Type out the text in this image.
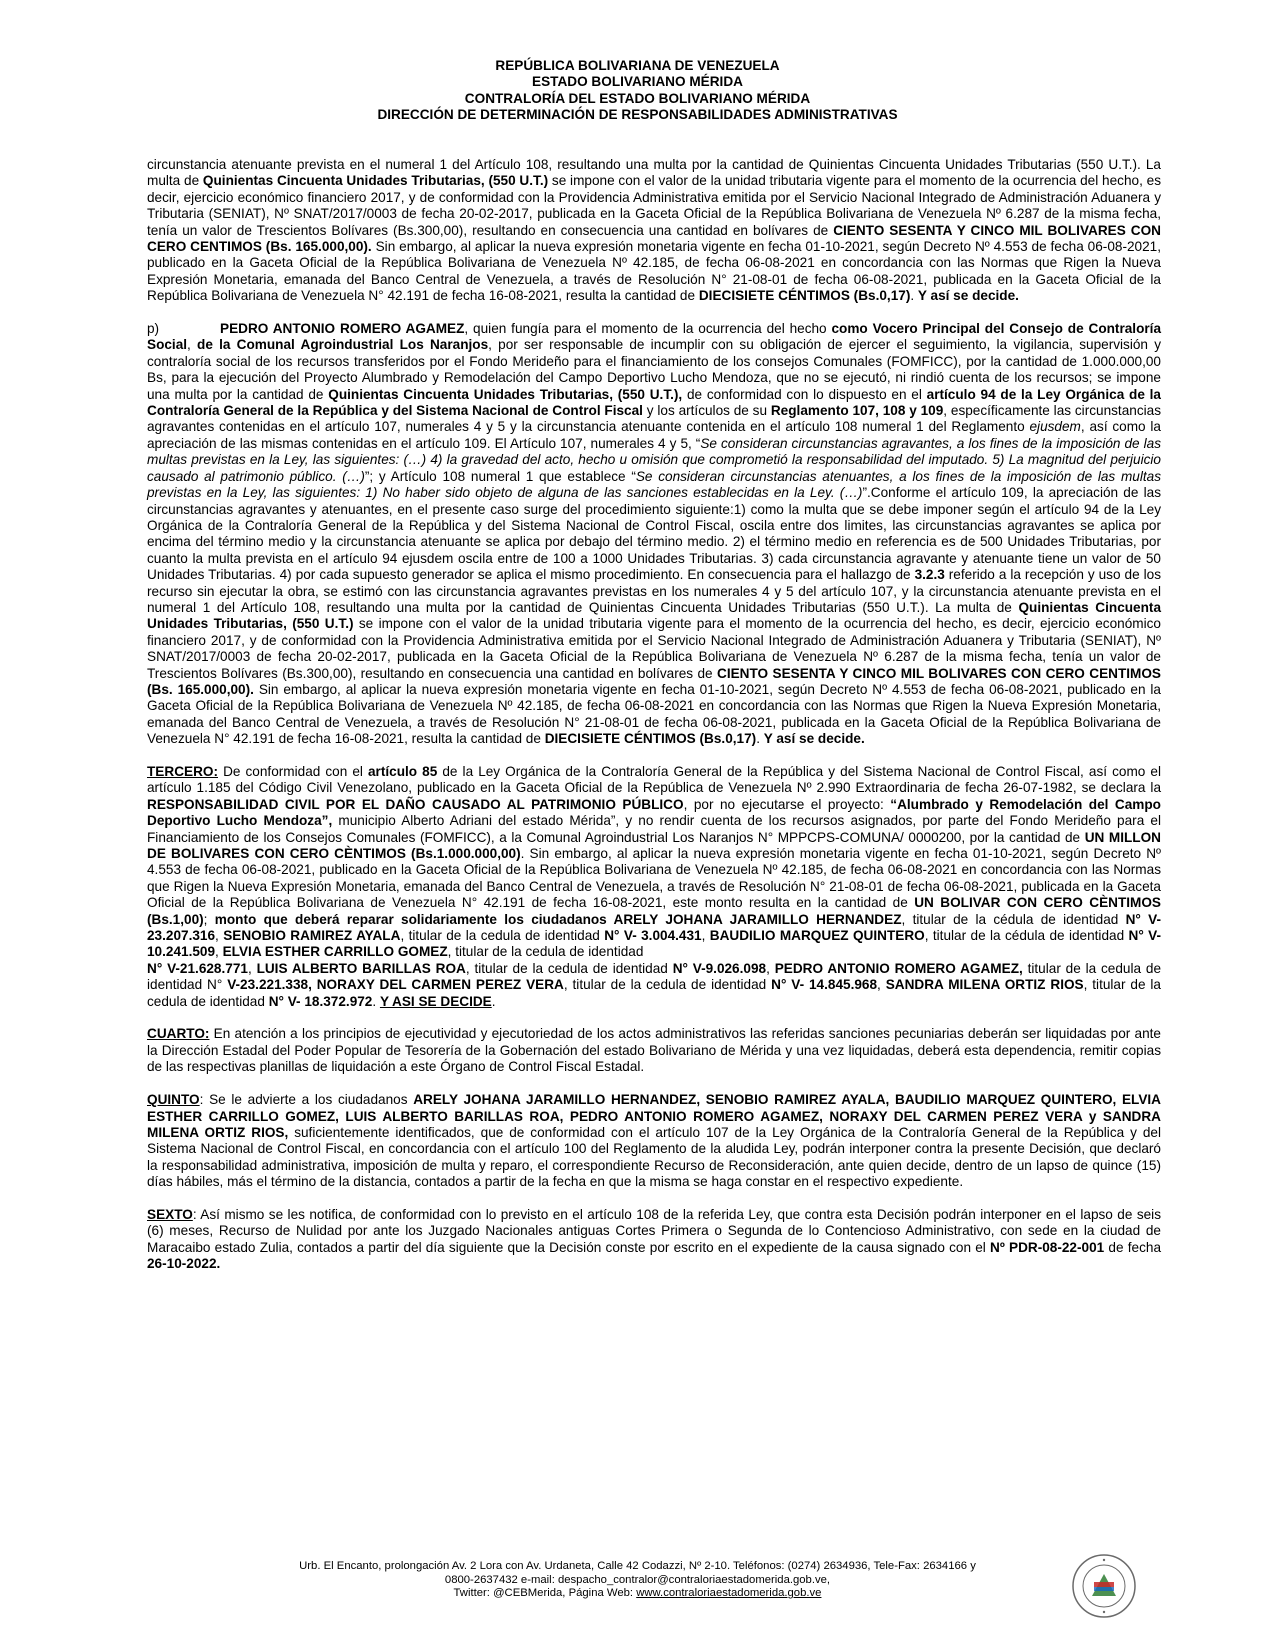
REPÚBLICA BOLIVARIANA DE VENEZUELA
ESTADO BOLIVARIANO MÉRIDA
CONTRALORÍA DEL ESTADO BOLIVARIANO MÉRIDA
DIRECCIÓN DE DETERMINACIÓN DE RESPONSABILIDADES ADMINISTRATIVAS

circunstancia atenuante prevista en el numeral 1 del Artículo 108, resultando una multa por la cantidad de Quinientas Cincuenta Unidades Tributarias (550 U.T.). La multa de Quinientas Cincuenta Unidades Tributarias, (550 U.T.) se impone con el valor de la unidad tributaria vigente para el momento de la ocurrencia del hecho, es decir, ejercicio económico financiero 2017, y de conformidad con la Providencia Administrativa emitida por el Servicio Nacional Integrado de Administración Aduanera y Tributaria (SENIAT), Nº SNAT/2017/0003 de fecha 20-02-2017, publicada en la Gaceta Oficial de la República Bolivariana de Venezuela Nº 6.287 de la misma fecha, tenía un valor de Trescientos Bolívares (Bs.300,00), resultando en consecuencia una cantidad en bolívares de CIENTO SESENTA Y CINCO MIL BOLIVARES CON CERO CENTIMOS (Bs. 165.000,00). Sin embargo, al aplicar la nueva expresión monetaria vigente en fecha 01-10-2021, según Decreto Nº 4.553 de fecha 06-08-2021, publicado en la Gaceta Oficial de la República Bolivariana de Venezuela Nº 42.185, de fecha 06-08-2021 en concordancia con las Normas que Rigen la Nueva Expresión Monetaria, emanada del Banco Central de Venezuela, a través de Resolución N° 21-08-01 de fecha 06-08-2021, publicada en la Gaceta Oficial de la República Bolivariana de Venezuela N° 42.191 de fecha 16-08-2021, resulta la cantidad de DIECISIETE CÉNTIMOS (Bs.0,17). Y así se decide.

p)	PEDRO ANTONIO ROMERO AGAMEZ, quien fungía para el momento de la ocurrencia del hecho como Vocero Principal del Consejo de Contraloría Social, de la Comunal Agroindustrial Los Naranjos, por ser responsable de incumplir con su obligación de ejercer el seguimiento, la vigilancia, supervisión y contraloría social de los recursos transferidos por el Fondo Merideño para el financiamiento de los consejos Comunales (FOMFICC), por la cantidad de 1.000.000,00 Bs, para la ejecución del Proyecto Alumbrado y Remodelación del Campo Deportivo Lucho Mendoza, que no se ejecutó, ni rindió cuenta de los recursos; se impone una multa por la cantidad de Quinientas Cincuenta Unidades Tributarias, (550 U.T.), de conformidad con lo dispuesto en el artículo 94 de la Ley Orgánica de la Contraloría General de la República y del Sistema Nacional de Control Fiscal y los artículos de su Reglamento 107, 108 y 109, específicamente las circunstancias agravantes contenidas en el artículo 107, numerales 4 y 5 y la circunstancia atenuante contenida en el artículo 108 numeral 1 del Reglamento ejusdem, así como la apreciación de las mismas contenidas en el artículo 109. El Artículo 107, numerales 4 y 5, “Se consideran circunstancias agravantes, a los fines de la imposición de las multas previstas en la Ley, las siguientes: (…) 4) la gravedad del acto, hecho u omisión que comprometió la responsabilidad del imputado. 5) La magnitud del perjuicio causado al patrimonio público. (…)”; y Artículo 108 numeral 1 que establece “Se consideran circunstancias atenuantes, a los fines de la imposición de las multas previstas en la Ley, las siguientes: 1) No haber sido objeto de alguna de las sanciones establecidas en la Ley. (…)”.Conforme el artículo 109, la apreciación de las circunstancias agravantes y atenuantes, en el presente caso surge del procedimiento siguiente:1) como la multa que se debe imponer según el artículo 94 de la Ley Orgánica de la Contraloría General de la República y del Sistema Nacional de Control Fiscal, oscila entre dos limites, las circunstancias agravantes se aplica por encima del término medio y la circunstancia atenuante se aplica por debajo del término medio. 2) el término medio en referencia es de 500 Unidades Tributarias, por cuanto la multa prevista en el artículo 94 ejusdem oscila entre de 100 a 1000 Unidades Tributarias. 3) cada circunstancia agravante y atenuante tiene un valor de 50 Unidades Tributarias. 4) por cada supuesto generador se aplica el mismo procedimiento. En consecuencia para el hallazgo de 3.2.3 referido a la recepción y uso de los recurso sin ejecutar la obra, se estimó con las circunstancia agravantes previstas en los numerales 4 y 5 del artículo 107, y la circunstancia atenuante prevista en el numeral 1 del Artículo 108, resultando una multa por la cantidad de Quinientas Cincuenta Unidades Tributarias (550 U.T.). La multa de Quinientas Cincuenta Unidades Tributarias, (550 U.T.) se impone con el valor de la unidad tributaria vigente para el momento de la ocurrencia del hecho, es decir, ejercicio económico financiero 2017, y de conformidad con la Providencia Administrativa emitida por el Servicio Nacional Integrado de Administración Aduanera y Tributaria (SENIAT), Nº SNAT/2017/0003 de fecha 20-02-2017, publicada en la Gaceta Oficial de la República Bolivariana de Venezuela Nº 6.287 de la misma fecha, tenía un valor de Trescientos Bolívares (Bs.300,00), resultando en consecuencia una cantidad en bolívares de CIENTO SESENTA Y CINCO MIL BOLIVARES CON CERO CENTIMOS (Bs. 165.000,00). Sin embargo, al aplicar la nueva expresión monetaria vigente en fecha 01-10-2021, según Decreto Nº 4.553 de fecha 06-08-2021, publicado en la Gaceta Oficial de la República Bolivariana de Venezuela Nº 42.185, de fecha 06-08-2021 en concordancia con las Normas que Rigen la Nueva Expresión Monetaria, emanada del Banco Central de Venezuela, a través de Resolución N° 21-08-01 de fecha 06-08-2021, publicada en la Gaceta Oficial de la República Bolivariana de Venezuela N° 42.191 de fecha 16-08-2021, resulta la cantidad de DIECISIETE CÉNTIMOS (Bs.0,17). Y así se decide.

TERCERO: De conformidad con el artículo 85 de la Ley Orgánica de la Contraloría General de la República y del Sistema Nacional de Control Fiscal, así como el artículo 1.185 del Código Civil Venezolano, publicado en la Gaceta Oficial de la República de Venezuela Nº 2.990 Extraordinaria de fecha 26-07-1982, se declara la RESPONSABILIDAD CIVIL POR EL DAÑO CAUSADO AL PATRIMONIO PÚBLICO, por no ejecutarse el proyecto: “Alumbrado y Remodelación del Campo Deportivo Lucho Mendoza”, municipio Alberto Adriani del estado Mérida”, y no rendir cuenta de los recursos asignados, por parte del Fondo Merideño para el Financiamiento de los Consejos Comunales (FOMFICC), a la Comunal Agroindustrial Los Naranjos N° MPPCPS-COMUNA/ 0000200, por la cantidad de UN MILLON DE BOLIVARES CON CERO CÈNTIMOS (Bs.1.000.000,00). Sin embargo, al aplicar la nueva expresión monetaria vigente en fecha 01-10-2021, según Decreto Nº 4.553 de fecha 06-08-2021, publicado en la Gaceta Oficial de la República Bolivariana de Venezuela Nº 42.185, de fecha 06-08-2021 en concordancia con las Normas que Rigen la Nueva Expresión Monetaria, emanada del Banco Central de Venezuela, a través de Resolución N° 21-08-01 de fecha 06-08-2021, publicada en la Gaceta Oficial de la República Bolivariana de Venezuela N° 42.191 de fecha 16-08-2021, este monto resulta en la cantidad de UN BOLIVAR CON CERO CÈNTIMOS (Bs.1,00); monto que deberá reparar solidariamente los ciudadanos ARELY JOHANA JARAMILLO HERNANDEZ, titular de la cédula de identidad N° V-23.207.316, SENOBIO RAMIREZ AYALA, titular de la cedula de identidad N° V- 3.004.431, BAUDILIO MARQUEZ QUINTERO, titular de la cédula de identidad N° V-10.241.509, ELVIA ESTHER CARRILLO GOMEZ, titular de la cedula de identidad
N° V-21.628.771, LUIS ALBERTO BARILLAS ROA, titular de la cedula de identidad N° V-9.026.098, PEDRO ANTONIO ROMERO AGAMEZ, titular de la cedula de identidad N° V-23.221.338, NORAXY DEL CARMEN PEREZ VERA, titular de la cedula de identidad N° V- 14.845.968, SANDRA MILENA ORTIZ RIOS, titular de la cedula de identidad N° V- 18.372.972. Y ASI SE DECIDE.

CUARTO: En atención a los principios de ejecutividad y ejecutoriedad de los actos administrativos las referidas sanciones pecuniarias deberán ser liquidadas por ante la Dirección Estadal del Poder Popular de Tesorería de la Gobernación del estado Bolivariano de Mérida y una vez liquidadas, deberá esta dependencia, remitir copias de las respectivas planillas de liquidación a este Órgano de Control Fiscal Estadal.

QUINTO: Se le advierte a los ciudadanos ARELY JOHANA JARAMILLO HERNANDEZ, SENOBIO RAMIREZ AYALA, BAUDILIO MARQUEZ QUINTERO, ELVIA ESTHER CARRILLO GOMEZ, LUIS ALBERTO BARILLAS ROA, PEDRO ANTONIO ROMERO AGAMEZ, NORAXY DEL CARMEN PEREZ VERA y SANDRA MILENA ORTIZ RIOS, suficientemente identificados, que de conformidad con el artículo 107 de la Ley Orgánica de la Contraloría General de la República y del Sistema Nacional de Control Fiscal, en concordancia con el artículo 100 del Reglamento de la aludida Ley, podrán interponer contra la presente Decisión, que declaró la responsabilidad administrativa, imposición de multa y reparo, el correspondiente Recurso de Reconsideración, ante quien decide, dentro de un lapso de quince (15) días hábiles, más el término de la distancia, contados a partir de la fecha en que la misma se haga constar en el respectivo expediente.

SEXTO: Así mismo se les notifica, de conformidad con lo previsto en el artículo 108 de la referida Ley, que contra esta Decisión podrán interponer en el lapso de seis (6) meses, Recurso de Nulidad por ante los Juzgado Nacionales antiguas Cortes Primera o Segunda de lo Contencioso Administrativo, con sede en la ciudad de Maracaibo estado Zulia, contados a partir del día siguiente que la Decisión conste por escrito en el expediente de la causa signado con el Nº PDR-08-22-001 de fecha 26-10-2022.

Urb. El Encanto, prolongación Av. 2 Lora con Av. Urdaneta, Calle 42 Codazzi, Nº 2-10. Teléfonos: (0274) 2634936, Tele-Fax: 2634166 y
0800-2637432 e-mail: despacho_contralor@contraloriaestadomerida.gob.ve,
Twitter: @CEBMerida, Página Web: www.contraloriaestadomerida.gob.ve
